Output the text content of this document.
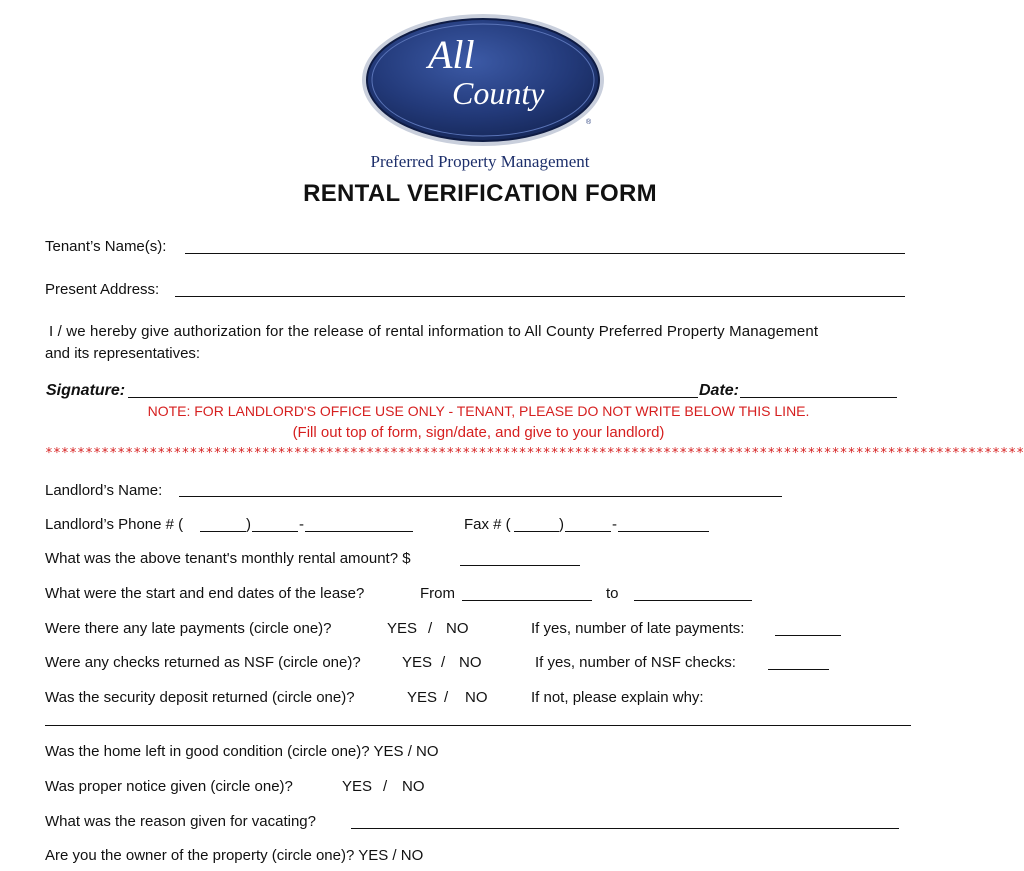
All
County
®
Preferred Property Management
RENTAL VERIFICATION FORM
Tenant’s Name(s):
Present Address:
I / we hereby give authorization for the release of rental information to All County Preferred Property Management
and its representatives:
Signature:	Date:
NOTE: FOR LANDLORD'S OFFICE USE ONLY - TENANT, PLEASE DO NOT WRITE BELOW THIS LINE.
(Fill out top of form, sign/date, and give to your landlord)
**************************************************************************************************************************
Landlord’s Name:
Landlord’s Phone # (	)	-	Fax # (	)	-
What was the above tenant's monthly rental amount? $
What were the start and end dates of the lease?	From	to
Were there any late payments (circle one)?	YES / NO	If yes, number of late payments:
Were any checks returned as NSF (circle one)?	YES / NO	If yes, number of NSF checks:
Was the security deposit returned (circle one)?	YES / NO	If not, please explain why:
Was the home left in good condition (circle one)? YES / NO
Was proper notice given (circle one)?	YES / NO
What was the reason given for vacating?
Are you the owner of the property (circle one)? YES / NO
